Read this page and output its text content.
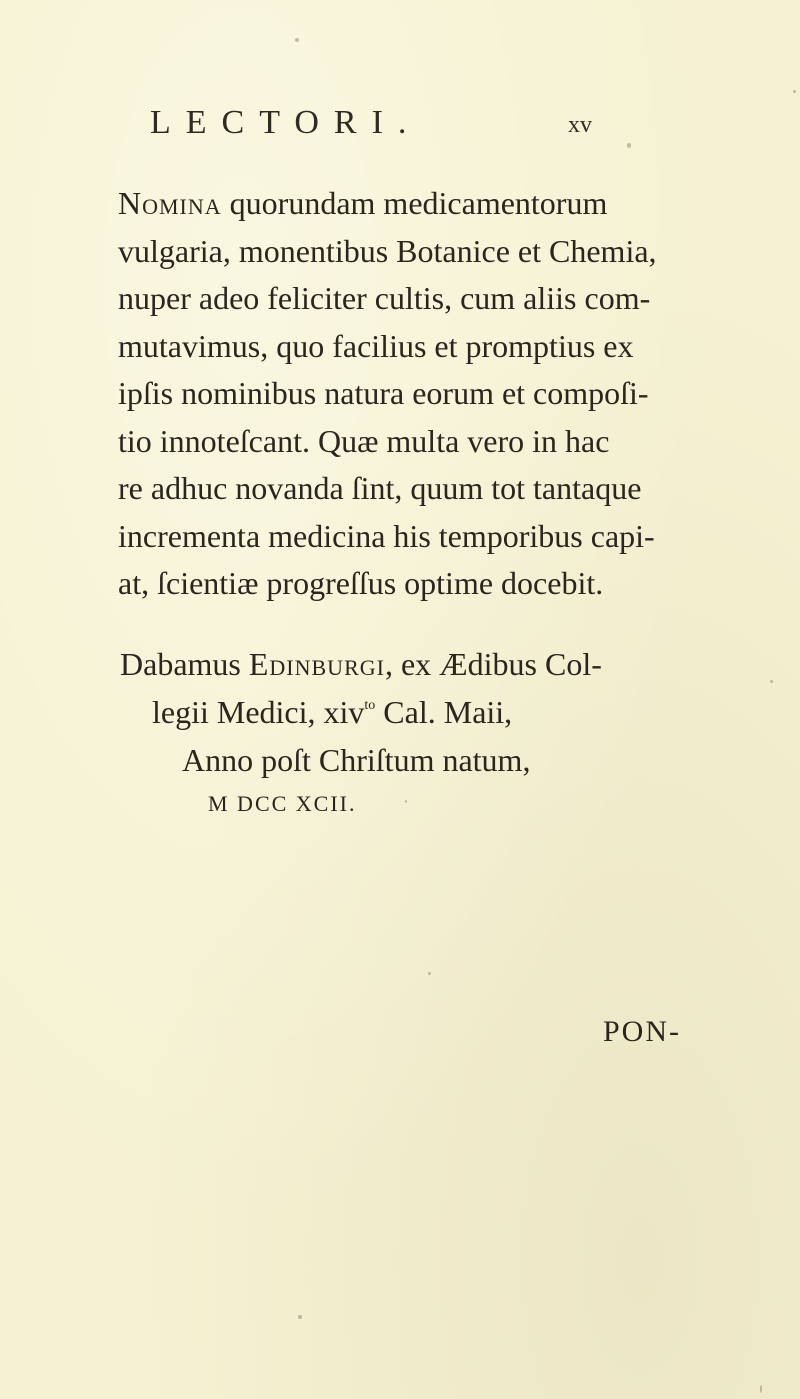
LECTORI.	xv
Nomina quorundam medicamentorum
vulgaria, monentibus Botanice et Chemia,
nuper adeo feliciter cultis, cum aliis com-
mutavimus, quo facilius et promptius ex
ipſis nominibus natura eorum et compoſi-
tio innoteſcant. Quæ multa vero in hac
re adhuc novanda ſint, quum tot tantaque
incrementa medicina his temporibus capi-
at, ſcientiæ progreſſus optime docebit.
Dabamus Edinburgi, ex Ædibus Col-
legii Medici, xiv$^{to}$ Cal. Maii,
Anno poſt Chriſtum natum,
M DCC XCII.
PON-
